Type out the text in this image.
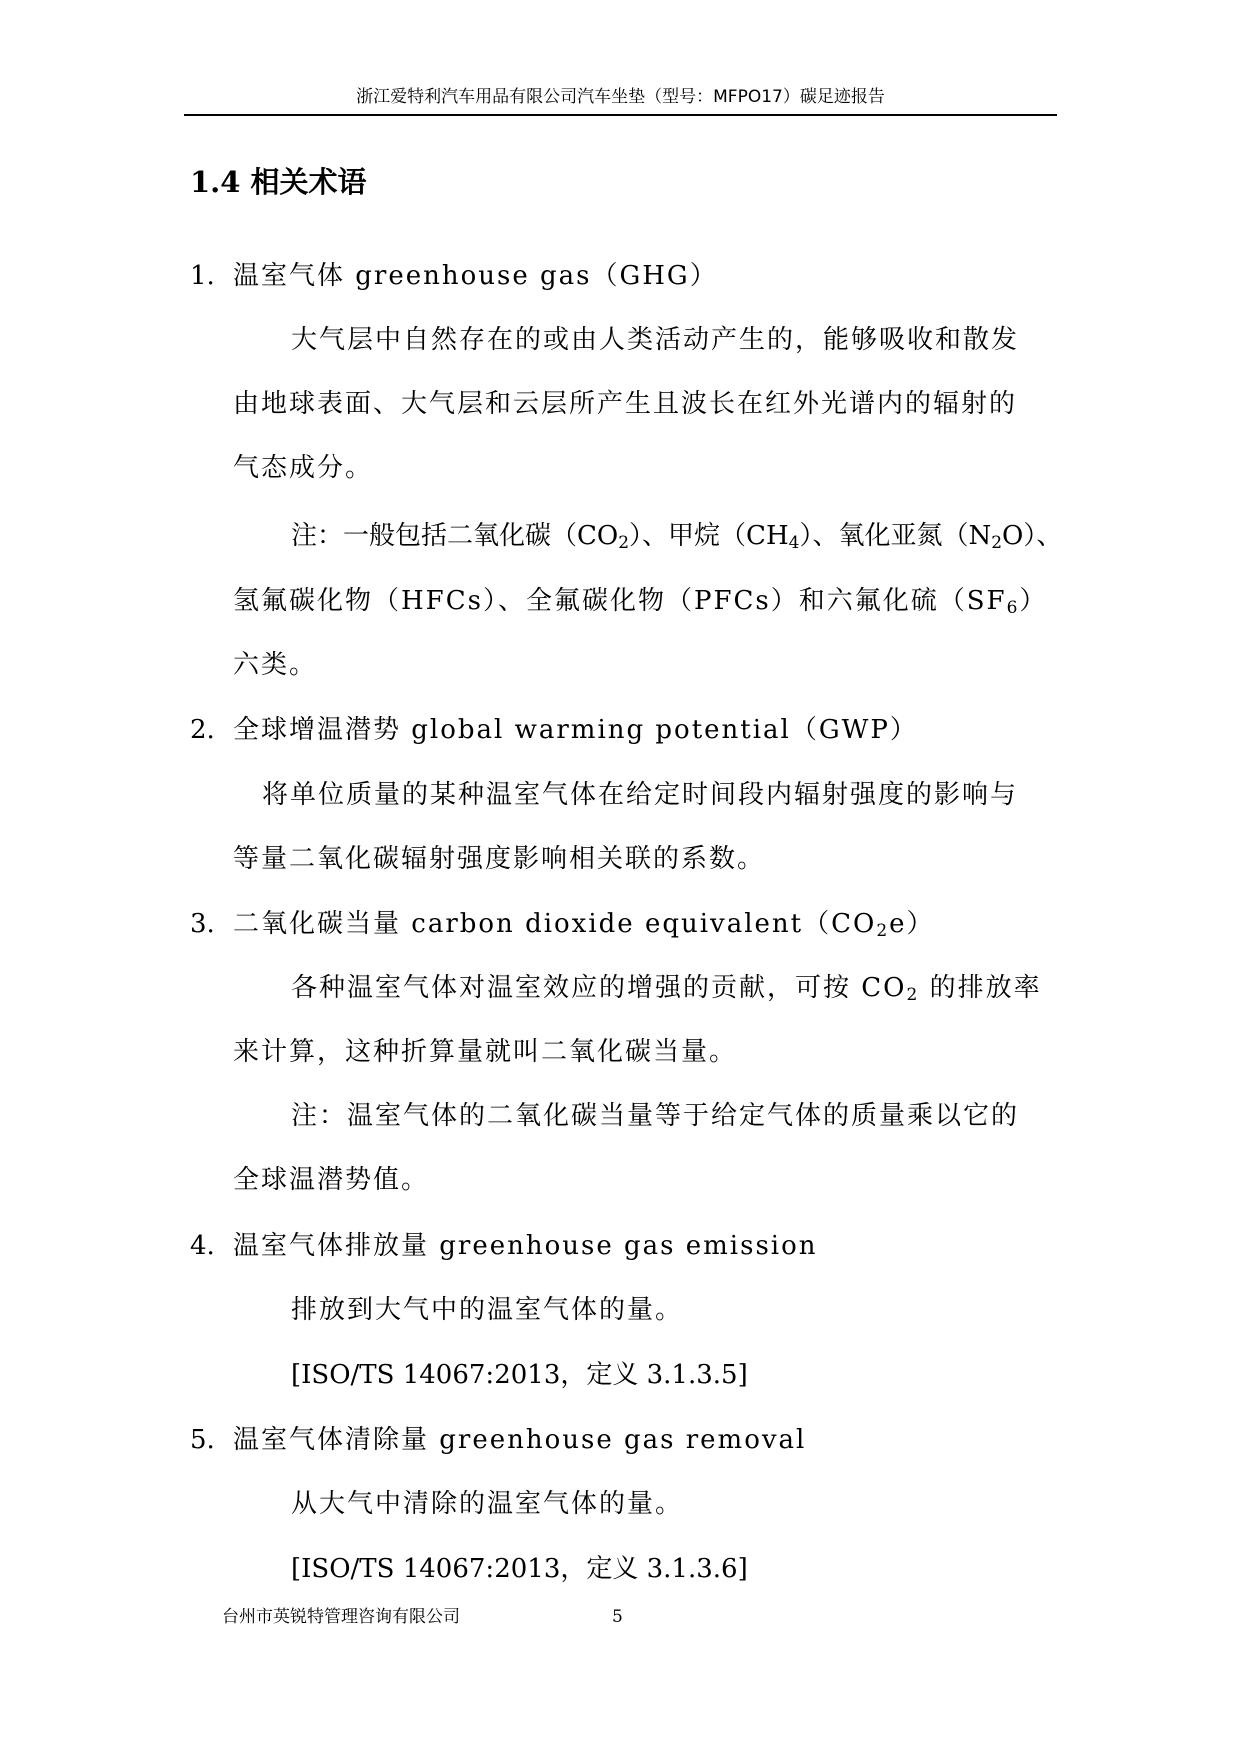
浙江爱特利汽车用品有限公司汽车坐垫（型号：MFPO17）碳足迹报告
1.4 相关术语
1. 温室气体 greenhouse gas（GHG）
大气层中自然存在的或由人类活动产生的，能够吸收和散发
由地球表面、大气层和云层所产生且波长在红外光谱内的辐射的
气态成分。
注：一般包括二氧化碳$(CO_2)$、甲烷$(CH_4)$、氧化亚氮$(N_2O)$、
氢氟碳化物（HFCs）、全氟碳化物（PFCs）和六氟化硫$(SF_6)$
六类。
2. 全球增温潜势 global warming potential（GWP）
将单位质量的某种温室气体在给定时间段内辐射强度的影响与
等量二氧化碳辐射强度影响相关联的系数。
3. 二氧化碳当量 carbon dioxide $equivalent(CO_2e)$
各种温室气体对温室效应的增强的贡献，可按 $CO_2$ 的排放率
来计算，这种折算量就叫二氧化碳当量。
注：温室气体的二氧化碳当量等于给定气体的质量乘以它的
全球温潜势值。
4. 温室气体排放量 greenhouse gas emission
排放到大气中的温室气体的量。
[ISO/TS 14067:2013，定义 3.1.3.5]
5. 温室气体清除量 greenhouse gas removal
从大气中清除的温室气体的量。
[ISO/TS 14067:2013，定义 3.1.3.6]
台州市英锐特管理咨询有限公司	5
